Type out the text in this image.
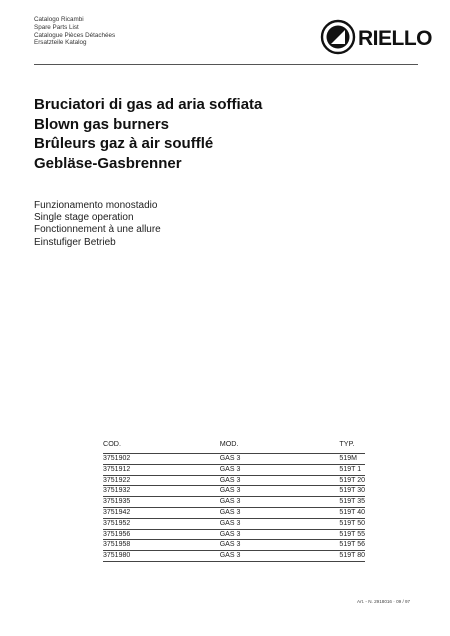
Catalogo Ricambi
Spare Parts List
Catalogue Pièces Détachées
Ersatzteile Katalog	RIELLO
Bruciatori di gas ad aria soffiata
Blown gas burners
Brûleurs gaz à air soufflé
Gebläse-Gasbrenner
Funzionamento monostadio
Single stage operation
Fonctionnement à une allure
Einstufiger Betrieb
COD.	MOD.	TYP.
3751902	GAS 3	519M
3751912	GAS 3	519T 1
3751922	GAS 3	519T 20
3751932	GAS 3	519T 30
3751935	GAS 3	519T 35
3751942	GAS 3	519T 40
3751952	GAS 3	519T 50
3751956	GAS 3	519T 55
3751958	GAS 3	519T 56
3751980	GAS 3	519T 80
Art. - N. 2918016 · 09 / 97
